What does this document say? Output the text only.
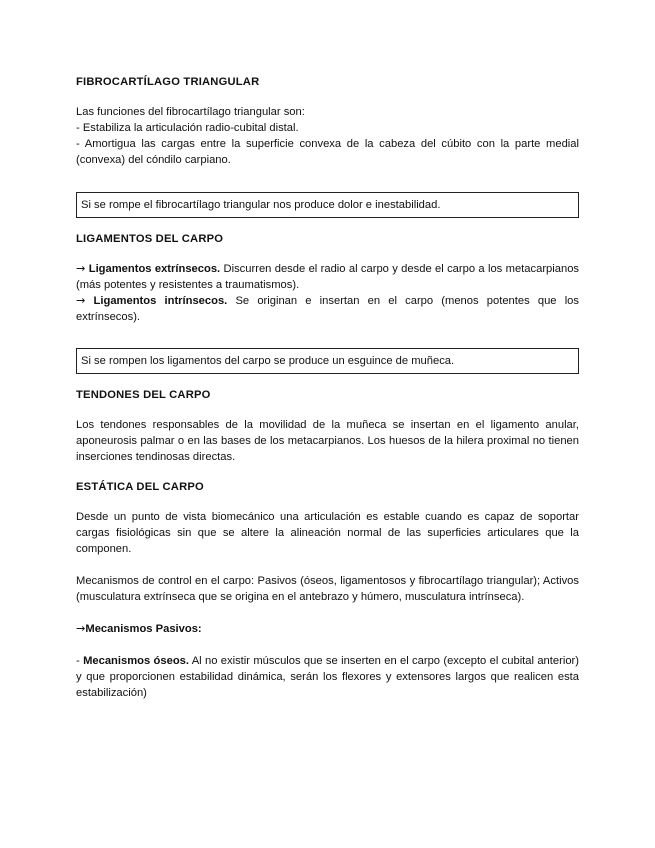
FIBROCARTÍLAGO TRIANGULAR

Las funciones del fibrocartílago triangular son:

- Estabiliza la articulación radio-cubital distal.

- Amortigua las cargas entre la superficie convexa de la cabeza del cúbito con la parte medial (convexa) del cóndilo carpiano.

Si se rompe el fibrocartílago triangular nos produce dolor e inestabilidad.
LIGAMENTOS DEL CARPO

→ Ligamentos extrínsecos. Discurren desde el radio al carpo y desde el carpo a los metacarpianos (más potentes y resistentes a traumatismos).

→ Ligamentos intrínsecos. Se originan e insertan en el carpo (menos potentes que los extrínsecos).

Si se rompen los ligamentos del carpo se produce un esguince de muñeca.
TENDONES DEL CARPO

Los tendones responsables de la movilidad de la muñeca se insertan en el ligamento anular, aponeurosis palmar o en las bases de los metacarpianos. Los huesos de la hilera proximal no tienen inserciones tendinosas directas.

ESTÁTICA DEL CARPO

Desde un punto de vista biomecánico una articulación es estable cuando es capaz de soportar cargas fisiológicas sin que se altere la alineación normal de las superficies articulares que la componen.

Mecanismos de control en el carpo: Pasivos (óseos, ligamentosos y fibrocartílago triangular); Activos (musculatura extrínseca que se origina en el antebrazo y húmero, musculatura intrínseca).

→Mecanismos Pasivos:

- Mecanismos óseos. Al no existir músculos que se inserten en el carpo (excepto el cubital anterior) y que proporcionen estabilidad dinámica, serán los flexores y extensores largos que realicen esta estabilización)
